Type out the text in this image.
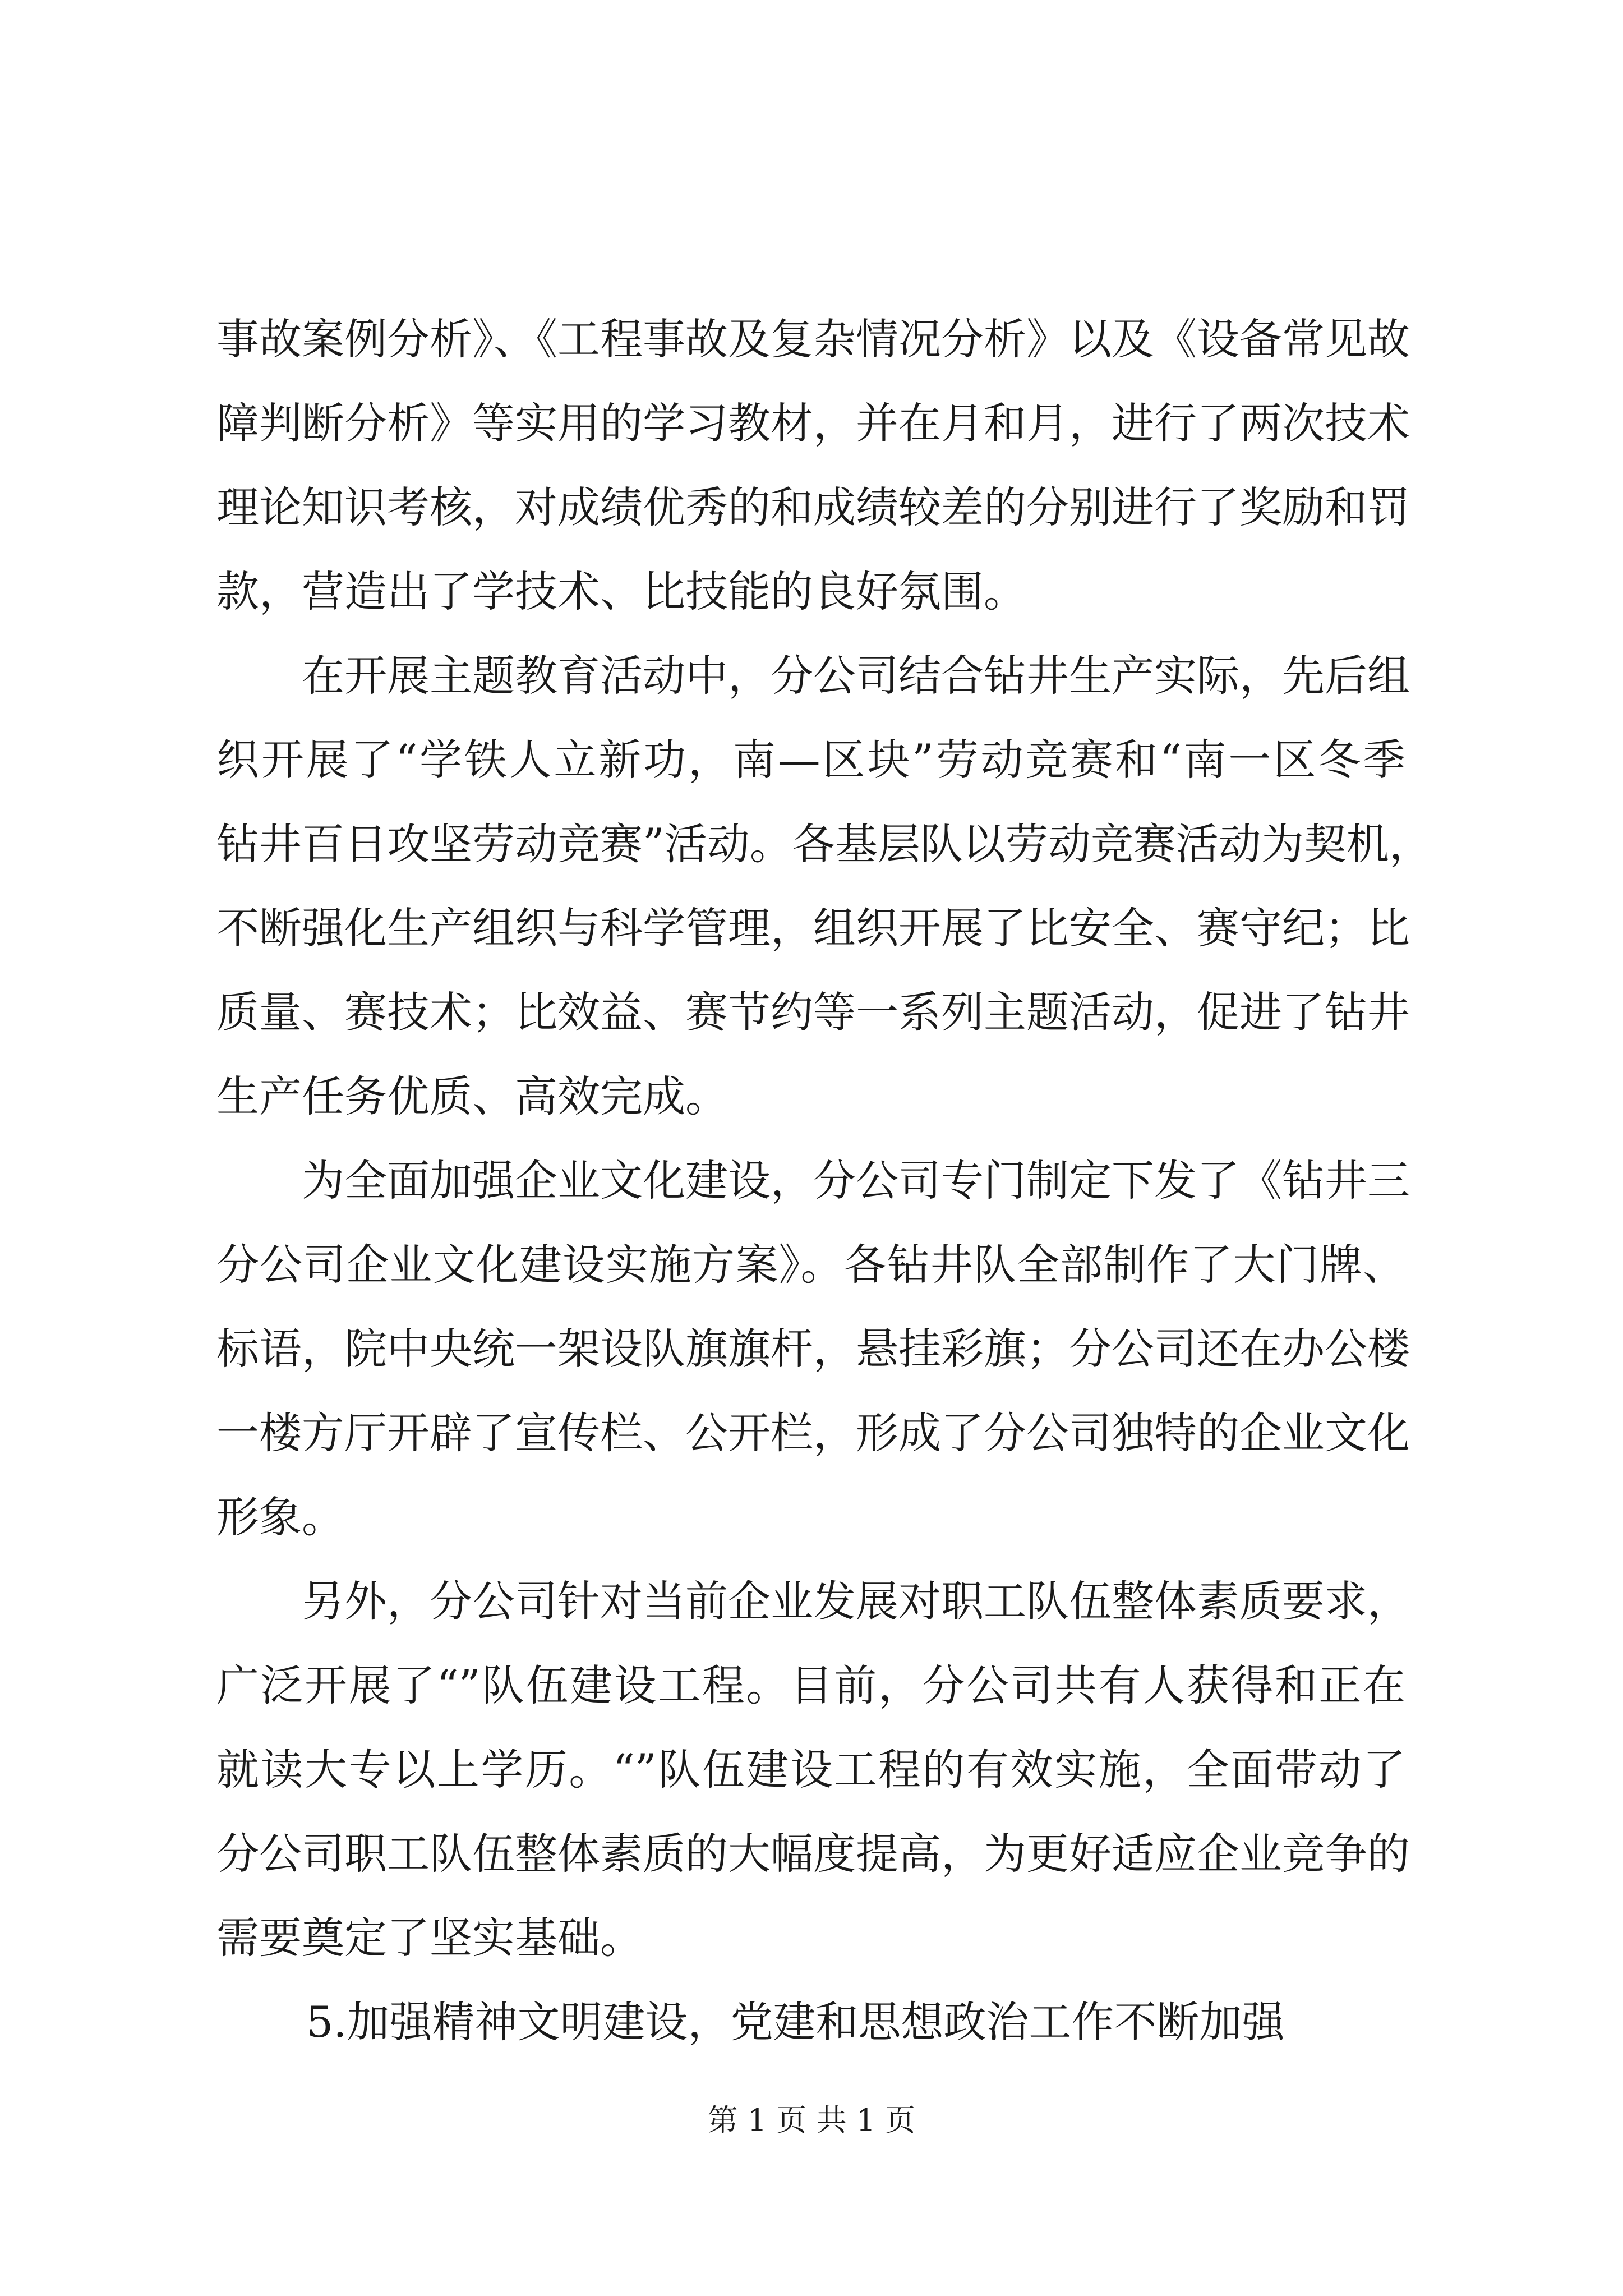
事故案例分析》、《工程事故及复杂情况分析》以及《设备常见故
障判断分析》等实用的学习教材，并在月和月，进行了两次技术
理论知识考核，对成绩优秀的和成绩较差的分别进行了奖励和罚
款，营造出了学技术、比技能的良好氛围。
在开展主题教育活动中，分公司结合钻井生产实际，先后组
织开展了“学铁人立新功，南—区块”劳动竞赛和“南一区冬季
钻井百日攻坚劳动竞赛”活动。各基层队以劳动竞赛活动为契机，
不断强化生产组织与科学管理，组织开展了比安全、赛守纪；比
质量、赛技术；比效益、赛节约等一系列主题活动，促进了钻井
生产任务优质、高效完成。
为全面加强企业文化建设，分公司专门制定下发了《钻井三
分公司企业文化建设实施方案》。各钻井队全部制作了大门牌、
标语，院中央统一架设队旗旗杆，悬挂彩旗；分公司还在办公楼
一楼方厅开辟了宣传栏、公开栏，形成了分公司独特的企业文化
形象。
另外，分公司针对当前企业发展对职工队伍整体素质要求，
广泛开展了“”队伍建设工程。目前，分公司共有人获得和正在
就读大专以上学历。“”队伍建设工程的有效实施，全面带动了
分公司职工队伍整体素质的大幅度提高，为更好适应企业竞争的
需要奠定了坚实基础。
5.加强精神文明建设，党建和思想政治工作不断加强
第 1 页 共 1 页
